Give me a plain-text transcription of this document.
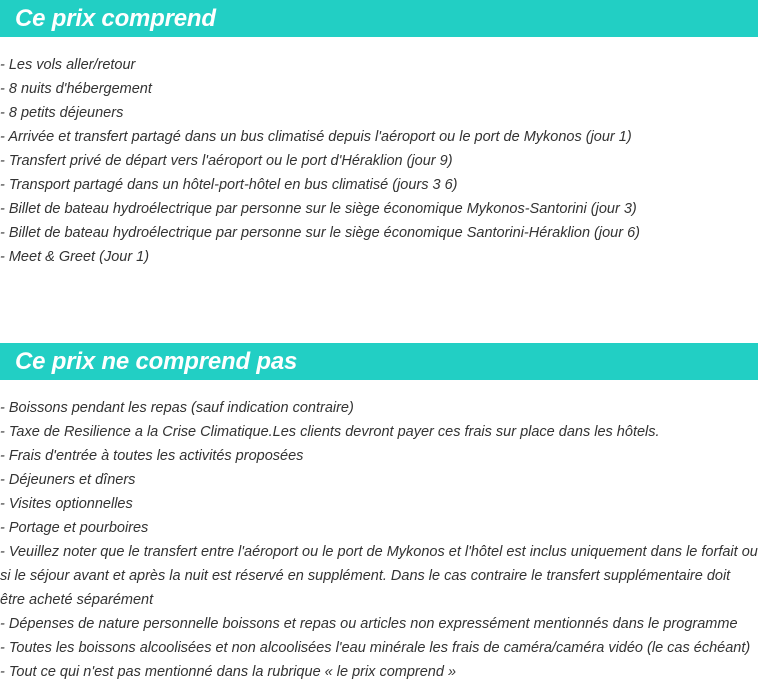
Ce prix comprend
- Les vols aller/retour
- 8 nuits d'hébergement
- 8 petits déjeuners
- Arrivée et transfert partagé dans un bus climatisé depuis l'aéroport ou le port de Mykonos (jour 1)
- Transfert privé de départ vers l'aéroport ou le port d'Héraklion (jour 9)
- Transport partagé dans un hôtel-port-hôtel en bus climatisé (jours 3 6)
- Billet de bateau hydroélectrique par personne sur le siège économique Mykonos-Santorini (jour 3)
- Billet de bateau hydroélectrique par personne sur le siège économique Santorini-Héraklion (jour 6)
- Meet & Greet (Jour 1)
Ce prix ne comprend pas
- Boissons pendant les repas (sauf indication contraire)
- Taxe de Resilience a la Crise Climatique.Les clients devront payer ces frais sur place dans les hôtels.
- Frais d'entrée à toutes les activités proposées
- Déjeuners et dîners
- Visites optionnelles
- Portage et pourboires
- Veuillez noter que le transfert entre l'aéroport ou le port de Mykonos et l'hôtel est inclus uniquement dans le forfait ou si le séjour avant et après la nuit est réservé en supplément. Dans le cas contraire le transfert supplémentaire doit être acheté séparément
- Dépenses de nature personnelle boissons et repas ou articles non expressément mentionnés dans le programme
- Toutes les boissons alcoolisées et non alcoolisées l'eau minérale les frais de caméra/caméra vidéo (le cas échéant)
- Tout ce qui n'est pas mentionné dans la rubrique « le prix comprend »
